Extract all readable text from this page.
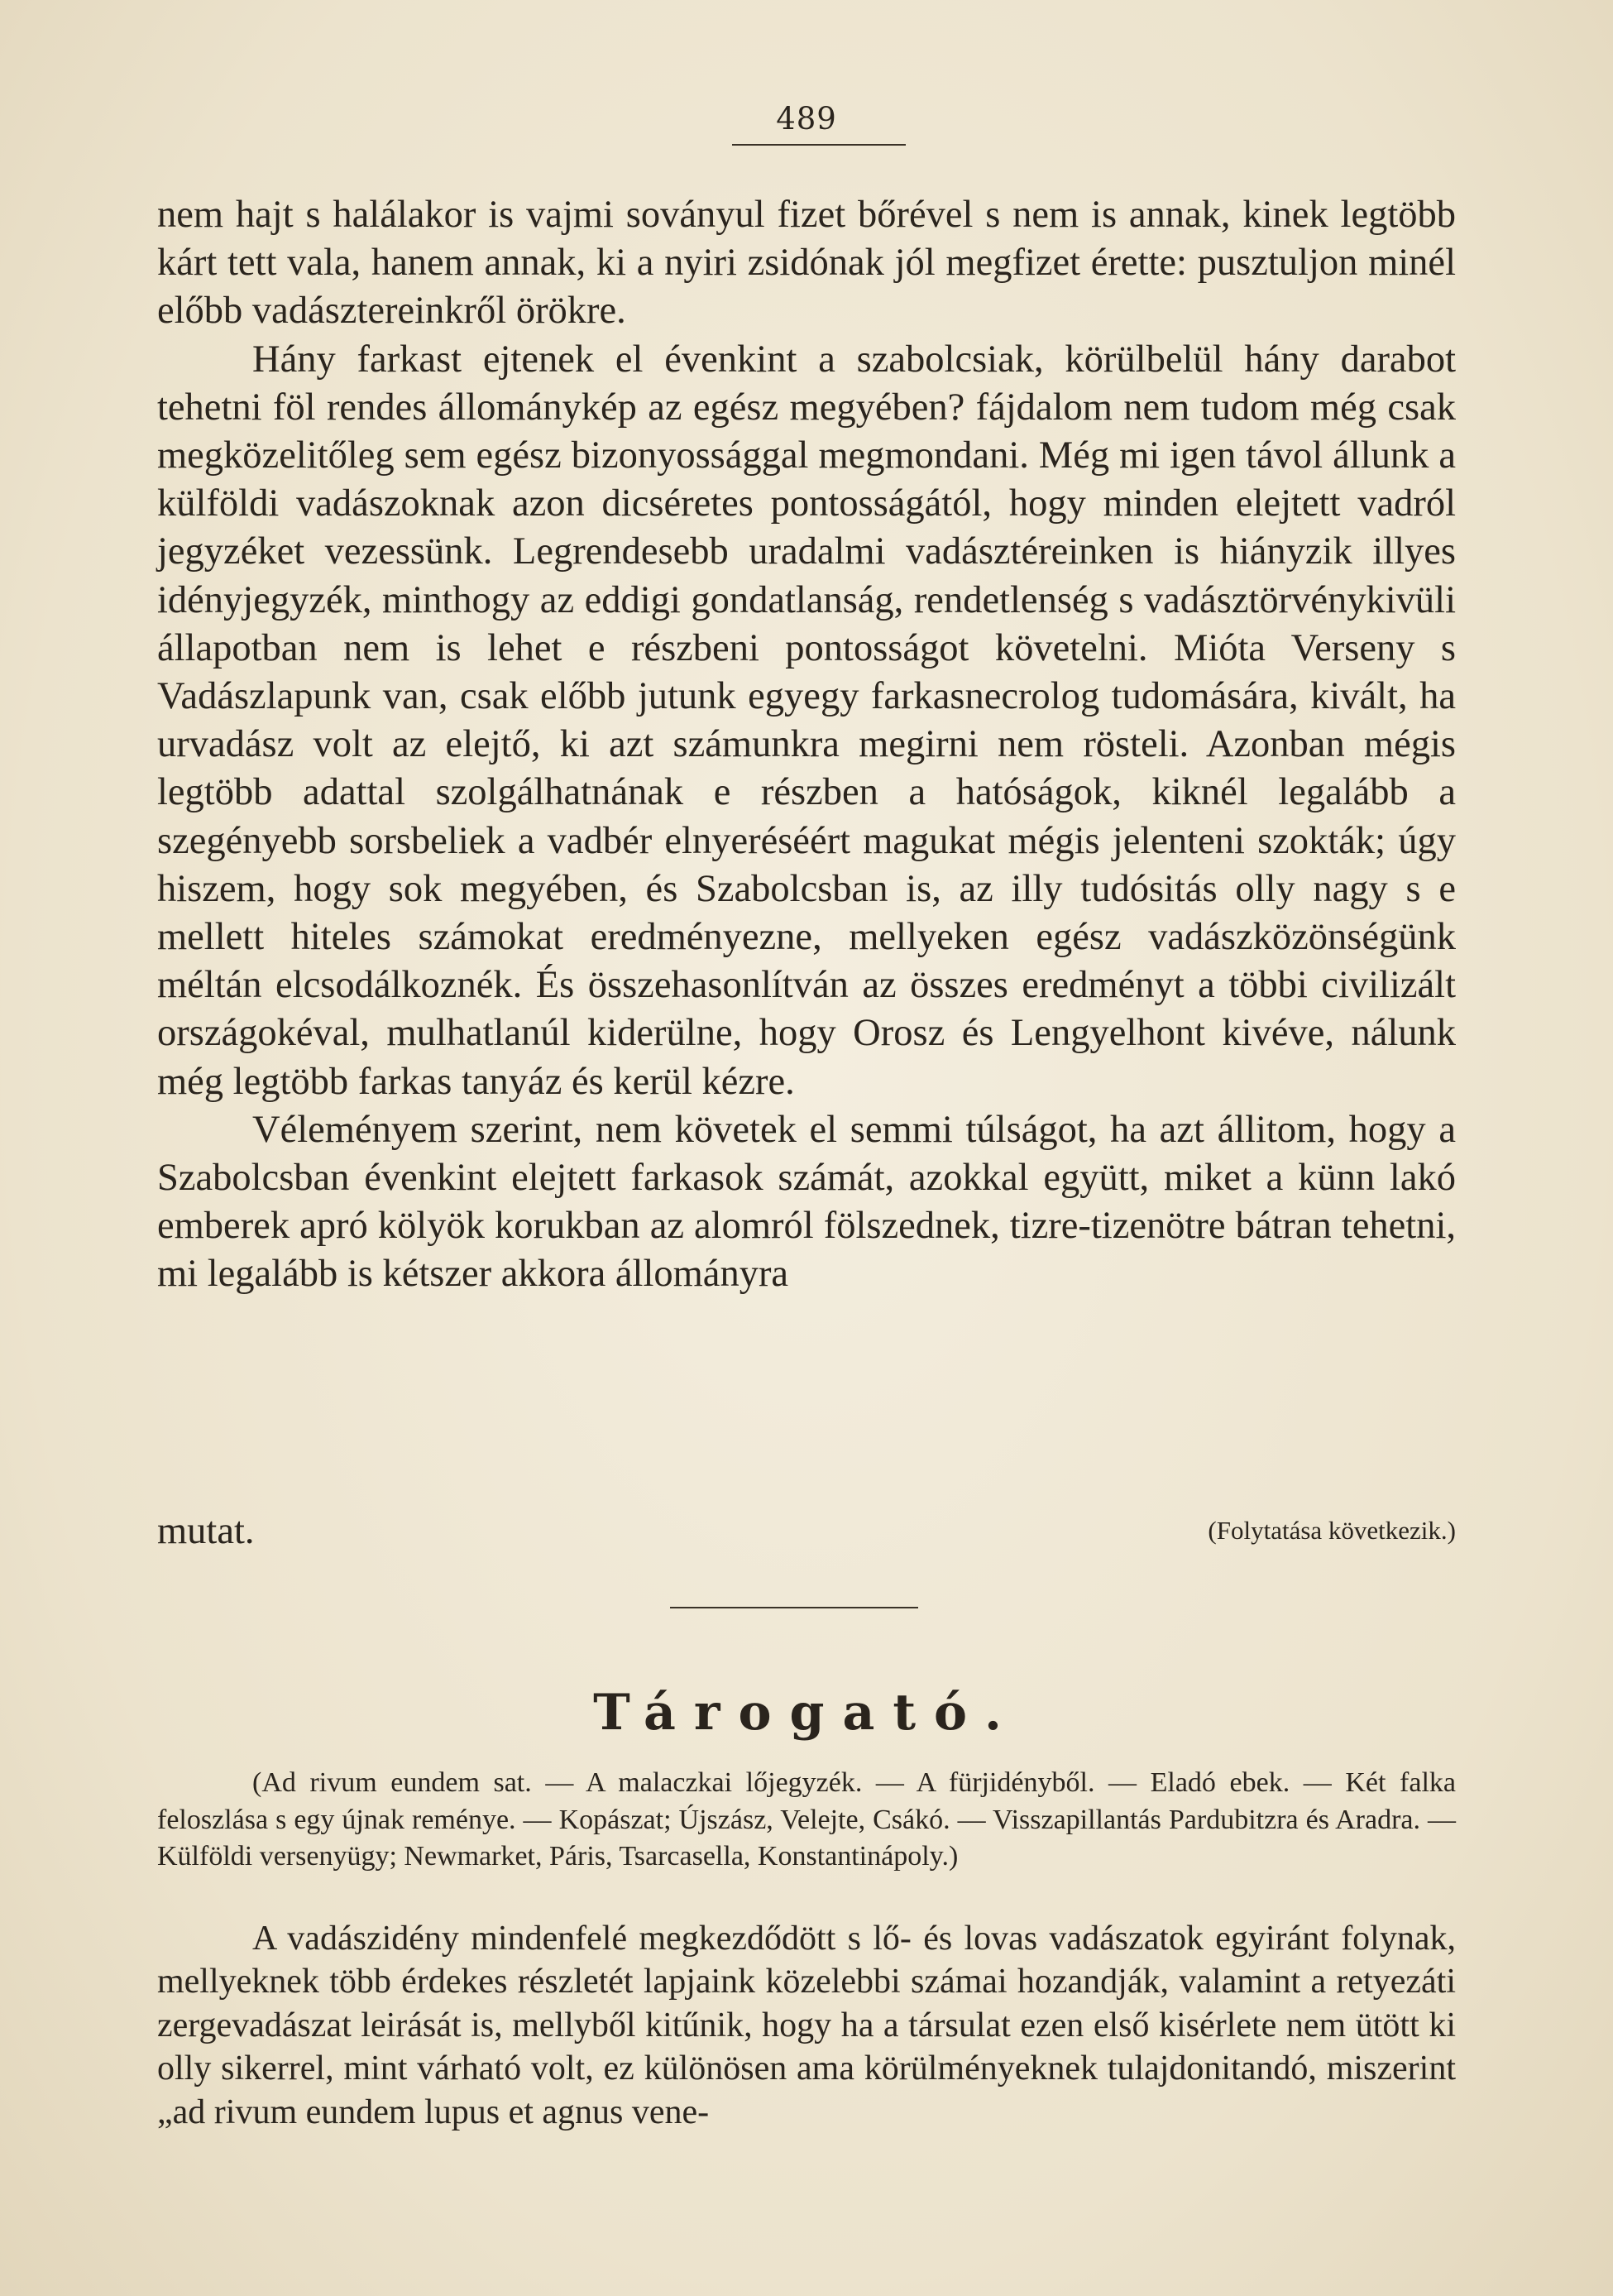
489

nem hajt s halálakor is vajmi soványul fizet bőrével s nem is annak, kinek legtöbb kárt tett vala, hanem annak, ki a nyiri zsidónak jól megfizet érette: pusztuljon minél előbb vadásztereinkről örökre.

Hány farkast ejtenek el évenkint a szabolcsiak, körülbelül hány darabot tehetni föl rendes állománykép az egész megyében? fájdalom nem tudom még csak megközelitőleg sem egész bizonyossággal megmondani. Még mi igen távol állunk a külföldi vadászoknak azon dicséretes pontosságától, hogy minden elejtett vadról jegyzéket vezessünk. Legrendesebb uradalmi vadásztéreinken is hiányzik illyes idényjegyzék, minthogy az eddigi gondatlanság, rendetlenség s vadásztörvénykivüli állapotban nem is lehet e részbeni pontosságot követelni. Mióta Verseny s Vadászlapunk van, csak előbb jutunk egyegy farkasnecrolog tudomására, kivált, ha urvadász volt az elejtő, ki azt számunkra megirni nem rösteli. Azonban mégis legtöbb adattal szolgálhatnának e részben a hatóságok, kiknél legalább a szegényebb sorsbeliek a vadbér elnyeréséért magukat mégis jelenteni szokták; úgy hiszem, hogy sok megyében, és Szabolcsban is, az illy tudósitás olly nagy s e mellett hiteles számokat eredményezne, mellyeken egész vadászközönségünk méltán elcsodálkoznék. És összehasonlítván az összes eredményt a többi civilizált országokéval, mulhatlanúl kiderülne, hogy Orosz és Lengyelhont kivéve, nálunk még legtöbb farkas tanyáz és kerül kézre.

Véleményem szerint, nem követek el semmi túlságot, ha azt állitom, hogy a Szabolcsban évenkint elejtett farkasok számát, azokkal együtt, miket a künn lakó emberek apró kölyök korukban az alomról fölszednek, tizre-tizenötre bátran tehetni, mi legalább is kétszer akkora állományra

mutat.	(Folytatása következik.)
Tárogató.
(Ad rivum eundem sat. — A malaczkai lőjegyzék. — A fürjidényből. — Eladó ebek. — Két falka feloszlása s egy újnak reménye. — Kopászat; Újszász, Velejte, Csákó. — Visszapillantás Pardubitzra és Aradra. — Külföldi versenyügy; Newmarket, Páris, Tsarcasella, Konstantinápoly.)

A vadászidény mindenfelé megkezdődött s lő- és lovas vadászatok egyiránt folynak, mellyeknek több érdekes részletét lapjaink közelebbi számai hozandják, valamint a retyezáti zergevadászat leirását is, mellyből kitűnik, hogy ha a társulat ezen első kisérlete nem ütött ki olly sikerrel, mint várható volt, ez különösen ama körülményeknek tulajdonitandó, miszerint „ad rivum eundem lupus et agnus vene-
